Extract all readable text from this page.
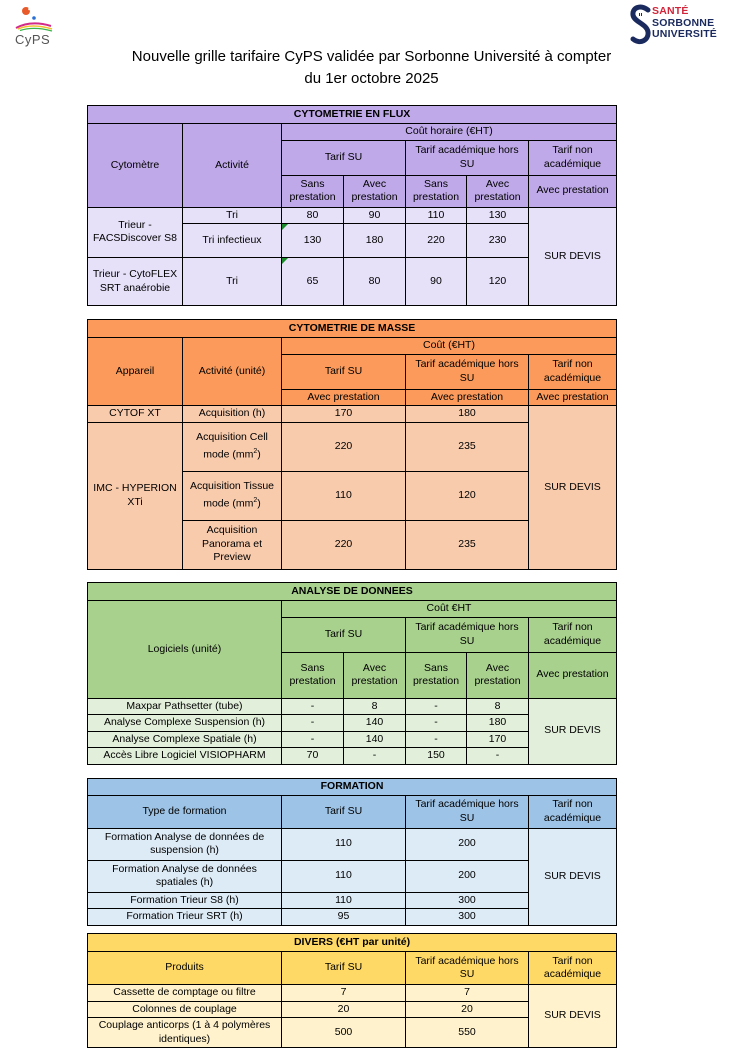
CyPS
SANTÉ
SORBONNE
UNIVERSITÉ
Nouvelle grille tarifaire CyPS validée par Sorbonne Université à compter
du 1er octobre 2025
CYTOMETRIE EN FLUX						
Cytomètre	Activité	Coût horaire (€HT)				
		Tarif SU		Tarif académique hors SU		Tarif non académique
		Sans prestation	Avec prestation	Sans prestation	Avec prestation	Avec prestation
Trieur - FACSDiscover S8	Tri	80	90	110	130	SUR DEVIS
	Tri infectieux	130	180	220	230	
Trieur - CytoFLEX SRT anaérobie	Tri	65	80	90	120	
CYTOMETRIE DE MASSE				
Appareil	Activité (unité)	Coût (€HT)		
		Tarif SU	Tarif académique hors SU	Tarif non académique
		Avec prestation	Avec prestation	Avec prestation
CYTOF XT	Acquisition (h)	170	180	SUR DEVIS
IMC - HYPERION XTi	Acquisition Cell mode $(mm^2)$	220	235	
	Acquisition Tissue mode $(mm^2)$	110	120	
	Acquisition Panorama et Preview	220	235	
ANALYSE DE DONNEES					
Logiciels (unité)	Coût €HT				
	Tarif SU		Tarif académique hors SU		Tarif non académique
	Sans prestation	Avec prestation	Sans prestation	Avec prestation	Avec prestation
Maxpar Pathsetter (tube)	-	8	-	8	SUR DEVIS
Analyse Complexe Suspension (h)	-	140	-	180	
Analyse Complexe Spatiale (h)	-	140	-	170	
Accès Libre Logiciel VISIOPHARM	70	-	150	-	
FORMATION			
Type de formation	Tarif SU	Tarif académique hors SU	Tarif non académique
Formation Analyse de données de suspension (h)	110	200	SUR DEVIS
Formation Analyse de données spatiales (h)	110	200	
Formation Trieur S8 (h)	110	300	
Formation Trieur SRT (h)	95	300	
DIVERS (€HT par unité)			
Produits	Tarif SU	Tarif académique hors SU	Tarif non académique
Cassette de comptage ou filtre	7	7	SUR DEVIS
Colonnes de couplage	20	20	
Couplage anticorps (1 à 4 polymères identiques)	500	550	
